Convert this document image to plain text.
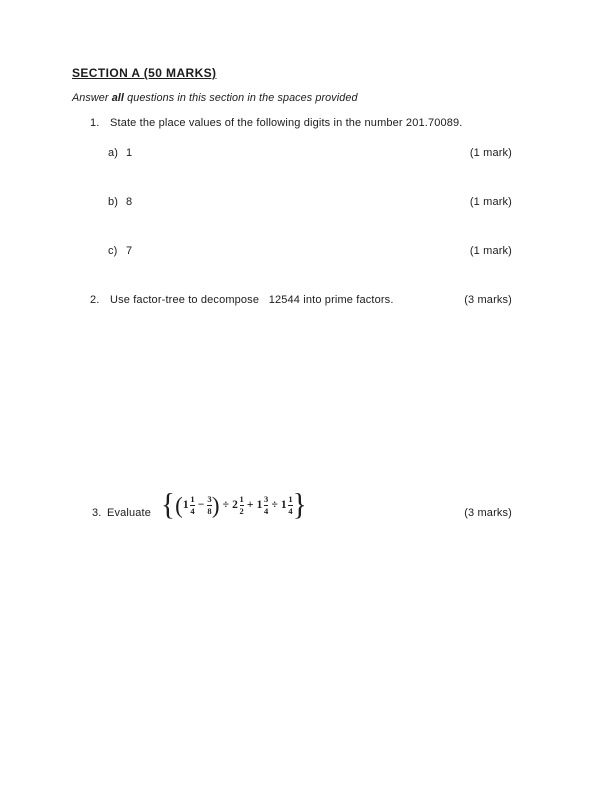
SECTION A (50 MARKS)
Answer all questions in this section in the spaces provided
1. State the place values of the following digits in the number 201.70089.
a) 1	(1 mark)
b) 8	(1 mark)
c) 7	(1 mark)
2. Use factor-tree to decompose   12544 into prime factors.	(3 marks)
3. Evaluate { ( $1 \frac{1}{4} - \frac{3}{8}$ ) ÷ $2 \frac{1}{2} + 1 \frac{3}{4} \div 1 \frac{1}{4}$ }	(3 marks)
